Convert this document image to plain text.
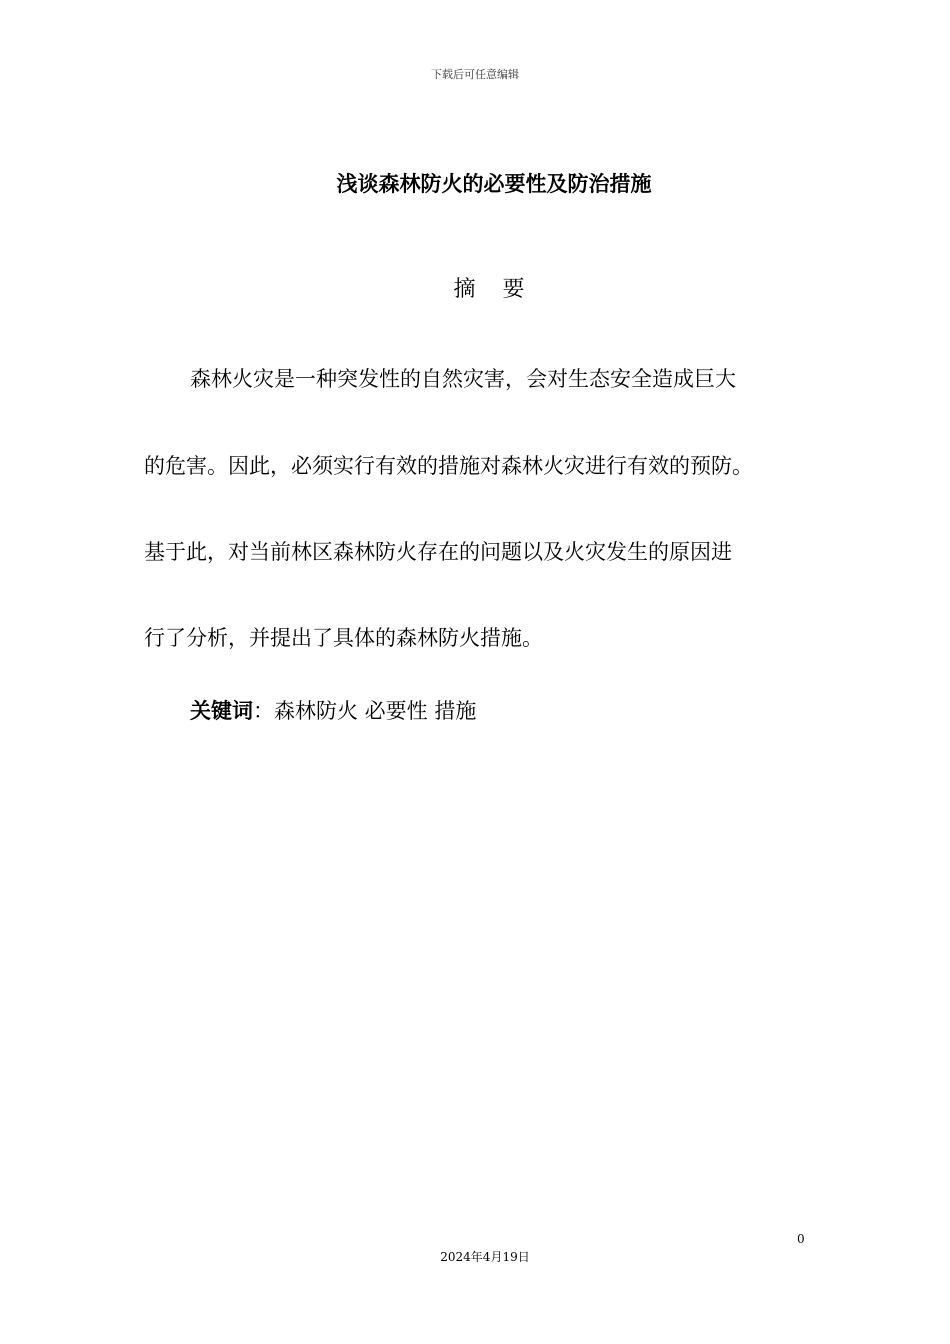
下载后可任意编辑
浅谈森林防火的必要性及防治措施
摘 要
森林火灾是一种突发性的自然灾害，会对生态安全造成巨大
的危害。因此，必须实行有效的措施对森林火灾进行有效的预防。
基于此，对当前林区森林防火存在的问题以及火灾发生的原因进
行了分析，并提出了具体的森林防火措施。
关键词：森林防火 必要性 措施
0
2024年4月19日
